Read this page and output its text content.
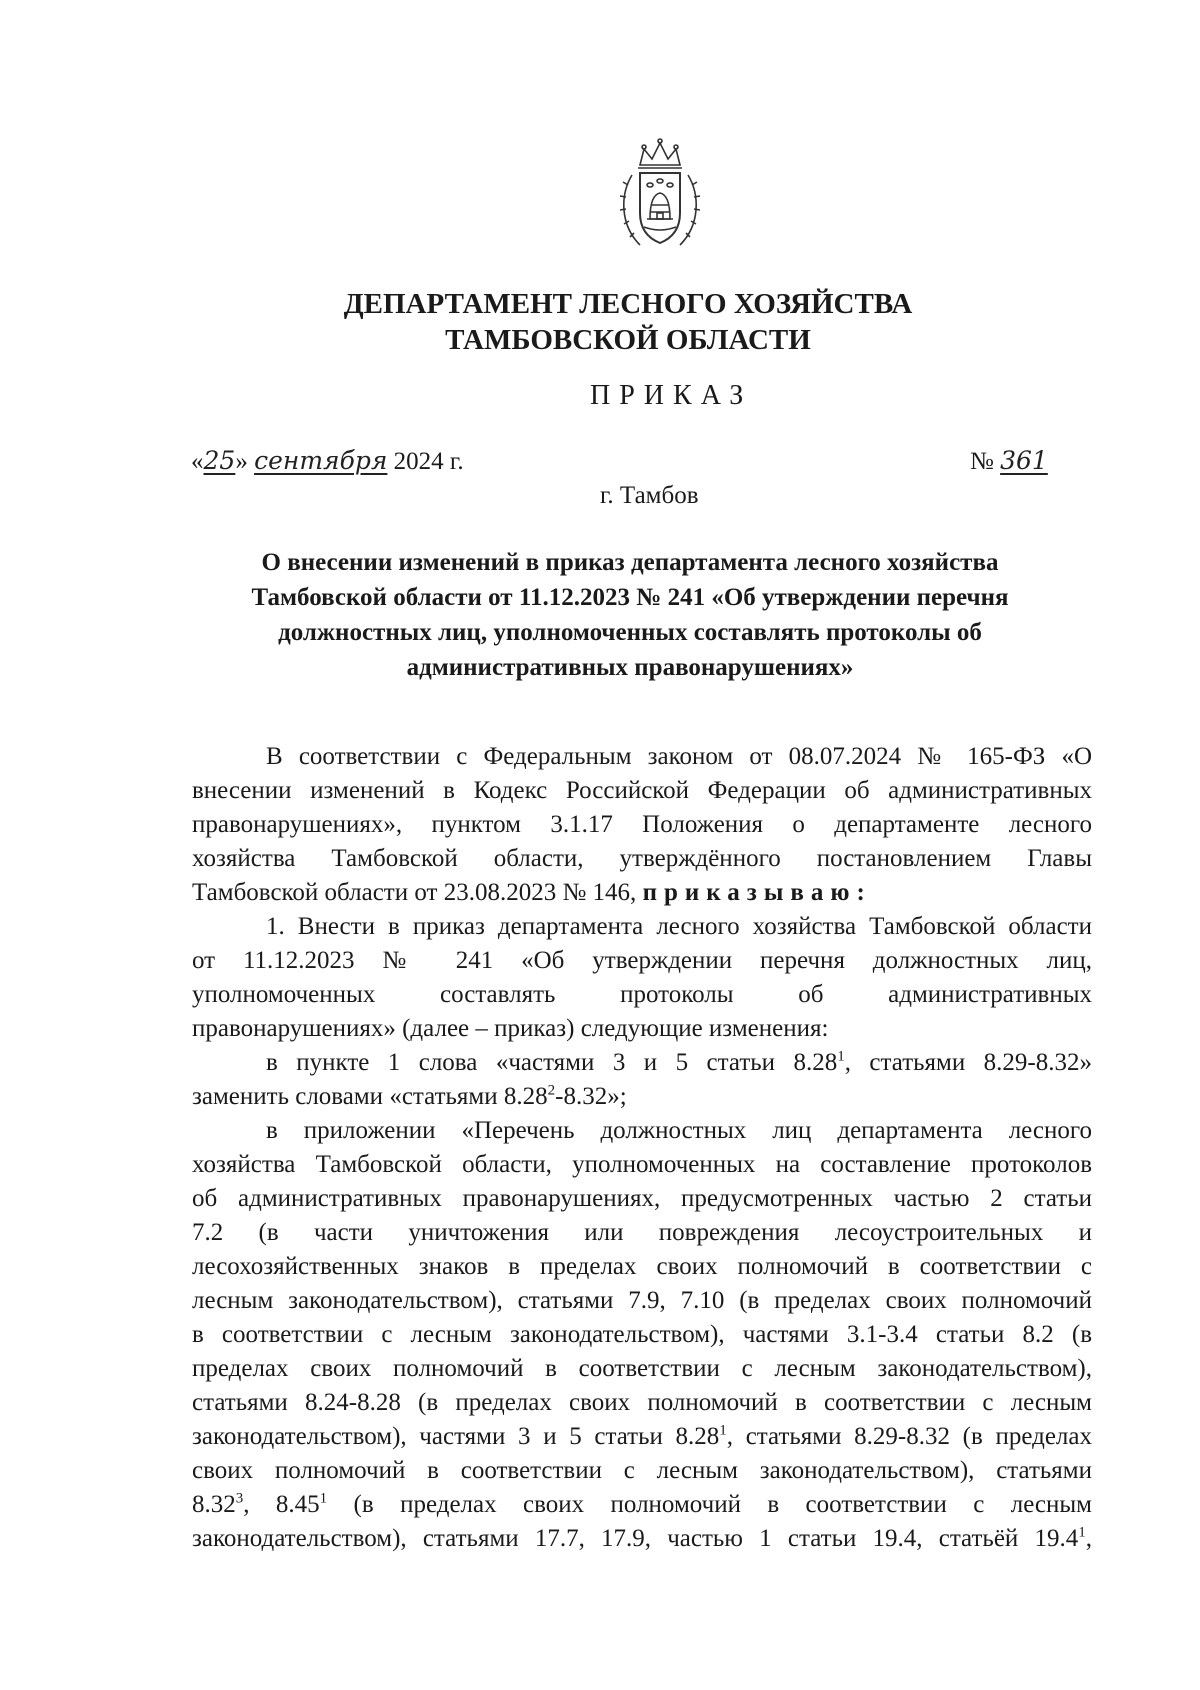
ДЕПАРТАМЕНТ ЛЕСНОГО ХОЗЯЙСТВА
ТАМБОВСКОЙ ОБЛАСТИ
ПРИКАЗ
«25» сентября 2024 г.	№ 361
г. Тамбов
О внесении изменений в приказ департамента лесного хозяйства
Тамбовской области от 11.12.2023 № 241 «Об утверждении перечня
должностных лиц, уполномоченных составлять протоколы об
административных правонарушениях»
В соответствии с Федеральным законом от 08.07.2024 № 165-ФЗ «О
внесении изменений в Кодекс Российской Федерации об административных
правонарушениях», пунктом 3.1.17 Положения о департаменте лесного
хозяйства Тамбовской области, утверждённого постановлением Главы
Тамбовской области от 23.08.2023 № 146, приказываю:
1. Внести в приказ департамента лесного хозяйства Тамбовской области
от 11.12.2023 № 241 «Об утверждении перечня должностных лиц,
уполномоченных составлять протоколы об административных
правонарушениях» (далее – приказ) следующие изменения:
в пункте 1 слова «частями 3 и 5 статьи 8.28$^1$, статьями 8.29-8.32»
заменить словами «статьями 8.28$^2$-8.32»;
в приложении «Перечень должностных лиц департамента лесного
хозяйства Тамбовской области, уполномоченных на составление протоколов
об административных правонарушениях, предусмотренных частью 2 статьи
7.2 (в части уничтожения или повреждения лесоустроительных и
лесохозяйственных знаков в пределах своих полномочий в соответствии с
лесным законодательством), статьями 7.9, 7.10 (в пределах своих полномочий
в соответствии с лесным законодательством), частями 3.1-3.4 статьи 8.2 (в
пределах своих полномочий в соответствии с лесным законодательством),
статьями 8.24-8.28 (в пределах своих полномочий в соответствии с лесным
законодательством), частями 3 и 5 статьи 8.28$^1$, статьями 8.29-8.32 (в пределах
своих полномочий в соответствии с лесным законодательством), статьями
8.32$^3$, 8.45$^1$ (в пределах своих полномочий в соответствии с лесным
законодательством), статьями 17.7, 17.9, частью 1 статьи 19.4, статьёй 19.4$^1$,
